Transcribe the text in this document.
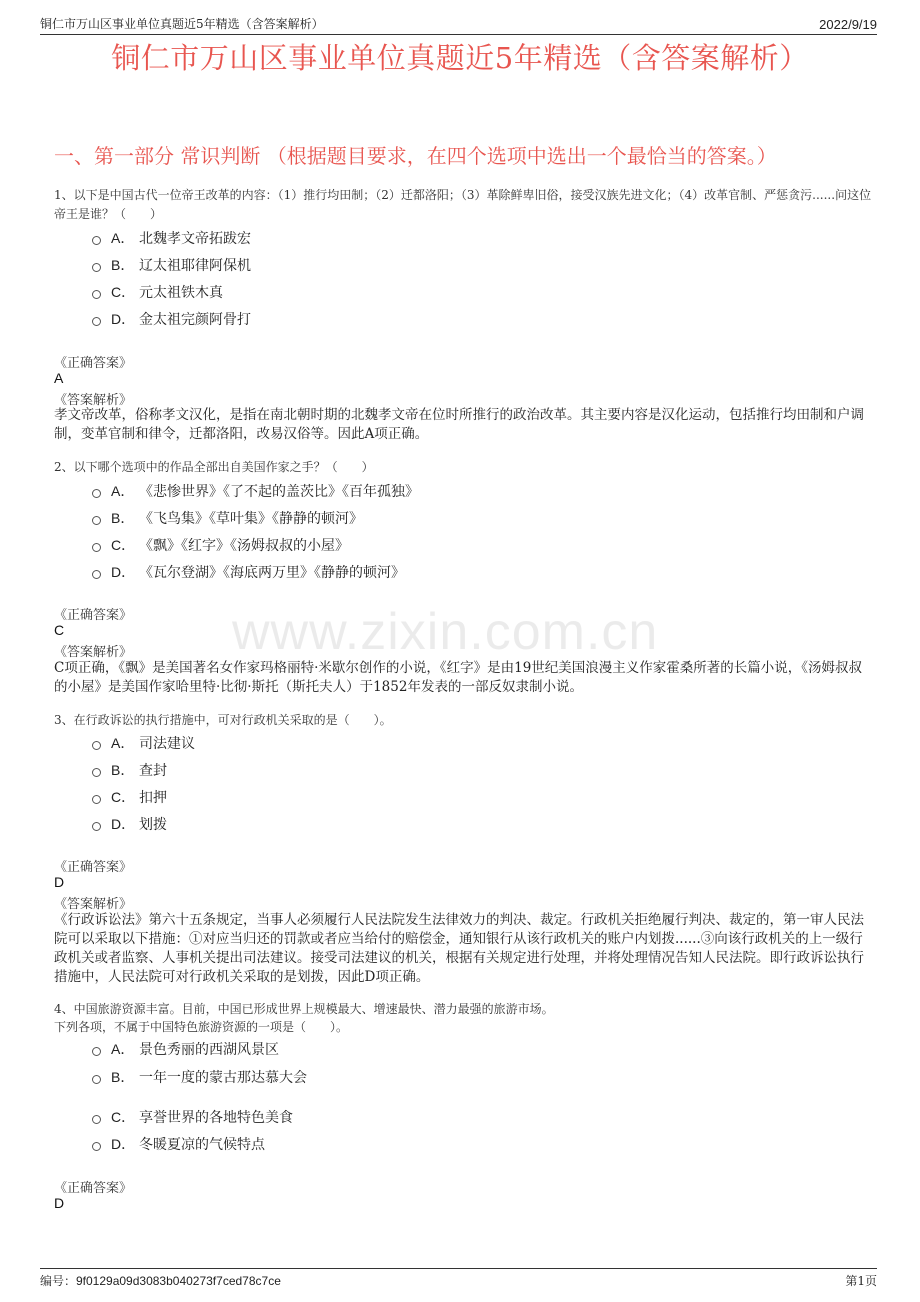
铜仁市万山区事业单位真题近5年精选（含答案解析）	2022/9/19
铜仁市万山区事业单位真题近5年精选（含答案解析）
一、第一部分 常识判断 （根据题目要求，在四个选项中选出一个最恰当的答案。）
www.zixin.com.cn
1、以下是中国古代一位帝王改革的内容：（1）推行均田制；（2）迁都洛阳；（3）革除鲜卑旧俗，接受汉族先进文化；（4）改革官制、严惩贪污......问这位帝王是谁？（　　）
A． 北魏孝文帝拓跋宏
B． 辽太祖耶律阿保机
C． 元太祖铁木真
D． 金太祖完颜阿骨打
《正确答案》
A
《答案解析》
孝文帝改革，俗称孝文汉化，是指在南北朝时期的北魏孝文帝在位时所推行的政治改革。其主要内容是汉化运动，包括推行均田制和户调制，变革官制和律令，迁都洛阳，改易汉俗等。因此A项正确。
2、以下哪个选项中的作品全部出自美国作家之手？（　　）
A． 《悲惨世界》《了不起的盖茨比》《百年孤独》
B． 《飞鸟集》《草叶集》《静静的顿河》
C． 《飘》《红字》《汤姆叔叔的小屋》
D． 《瓦尔登湖》《海底两万里》《静静的顿河》
《正确答案》
C
《答案解析》
C项正确，《飘》是美国著名女作家玛格丽特·米歇尔创作的小说，《红字》是由19世纪美国浪漫主义作家霍桑所著的长篇小说，《汤姆叔叔的小屋》是美国作家哈里特·比彻·斯托（斯托夫人）于1852年发表的一部反奴隶制小说。
3、在行政诉讼的执行措施中，可对行政机关采取的是（　　）。
A． 司法建议
B． 查封
C． 扣押
D． 划拨
《正确答案》
D
《答案解析》
《行政诉讼法》第六十五条规定，当事人必须履行人民法院发生法律效力的判决、裁定。行政机关拒绝履行判决、裁定的，第一审人民法院可以采取以下措施：①对应当归还的罚款或者应当给付的赔偿金，通知银行从该行政机关的账户内划拨......③向该行政机关的上一级行政机关或者监察、人事机关提出司法建议。接受司法建议的机关，根据有关规定进行处理，并将处理情况告知人民法院。即行政诉讼执行措施中，人民法院可对行政机关采取的是划拨，因此D项正确。
4、中国旅游资源丰富。目前，中国已形成世界上规模最大、增速最快、潜力最强的旅游市场。
下列各项，不属于中国特色旅游资源的一项是（　　）。
A． 景色秀丽的西湖风景区
B． 一年一度的蒙古那达慕大会
C． 享誉世界的各地特色美食
D． 冬暖夏凉的气候特点
《正确答案》
D
编号：9f0129a09d3083b040273f7ced78c7ce	第1页
